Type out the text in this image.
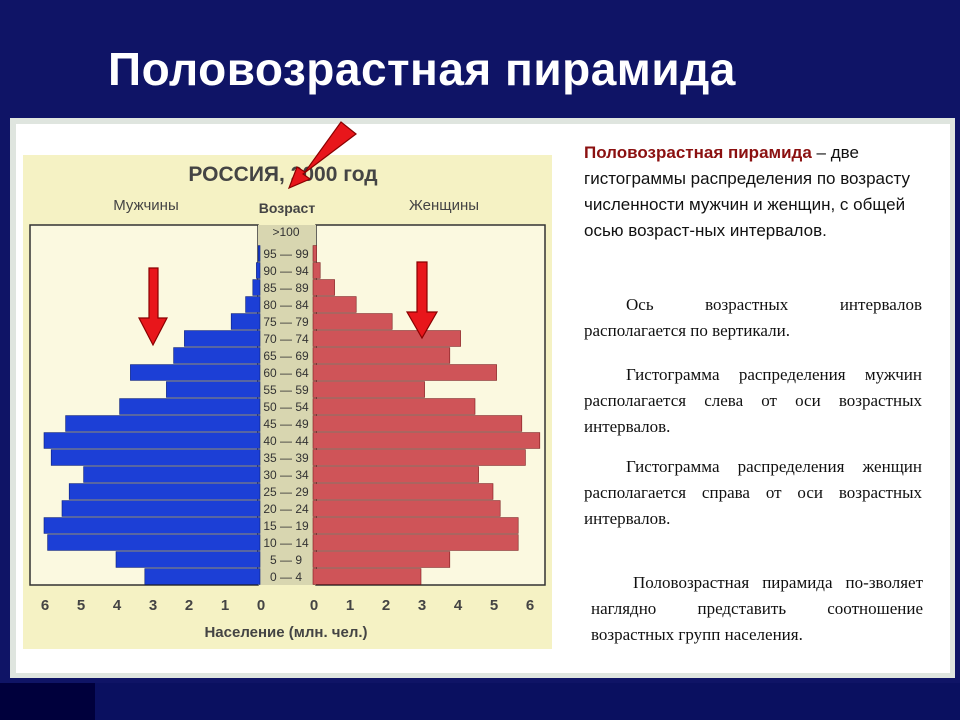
Половозрастная пирамида
РОССИЯ, 2000 год
Мужчины	Женщины
Возраст
Население (млн. чел.)
>100
95 — 99
90 — 94
85 — 89
80 — 84
75 — 79
70 — 74
65 — 69
60 — 64
55 — 59
50 — 54
45 — 49
40 — 44
35 — 39
30 — 34
25 — 29
20 — 24
15 — 19
10 — 14
5 — 9
0 — 4
0	0
1	1
2	2
3	3
4	4
5	5
6	6
Половозрастная пирамида – две гистограммы распределения по возрасту численности мужчин и женщин, с общей осью возраст-ных интервалов.
Ось возрастных интервалов располагается по вертикали.
Гистограмма распределения мужчин располагается слева от оси возрастных интервалов.
Гистограмма распределения женщин располагается справа от оси возрастных интервалов.
Половозрастная пирамида по-зволяет наглядно представить соотношение возрастных групп населения.
